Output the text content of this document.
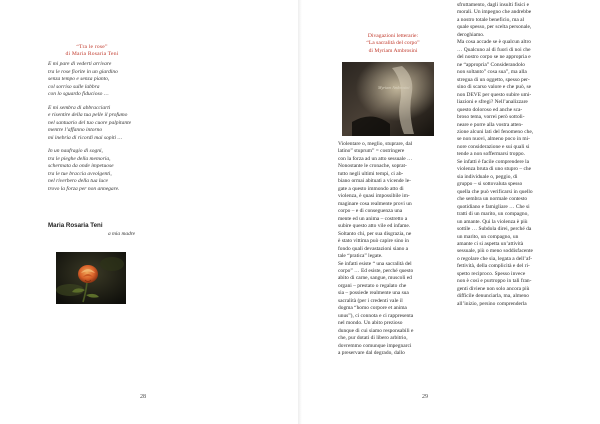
“Tra le rose”
di Maria Rosaria Teni
E mi pare di vederti arrivare
tra le rose fiorite in un giardino
senza tempo e senza pianto,
col sorriso sulle labbra
con lo sguardo fiducioso …
E mi sembra di abbracciarti
e risentire della tua pelle il profumo
nel santuario del tuo cuore palpitante
mentre l’affanno intorno
mi inebria di ricordi mai sopiti …
In un naufragio di sogni,
tra le pieghe della memoria,
schermata da onde impetuose
tra le tue braccia avvolgenti,
nel riverbero della tua luce
trovo la forza per non annegare.
Maria Rosaria Teni
a mia madre
28
Divagazioni letterarie:
“La sacralità del corpo”
di Myriam Ambrosini
Myriam Ambrosini
Violentare o, meglio, stuprare, dal
latino” stuprum” = costringere
con la forza ad un atto sessuale …
Nonostante le cronache, soprat-
tutto negli ultimi tempi, ci ab-
biano ormai abituati a vicende le-
gate a questo immondo atto di
violenza, è quasi impossibile im-
maginare cosa realmente provi un
corpo – e di conseguenza una
mente ed un anima – costretto a
subire questo atto vile ed infame.
Soltanto chi, per sua disgrazia, ne
è stato vittima può capire sino in
fondo quali devastazioni siano a
tale “pratica” legate.
Se infatti esiste “ una sacralità del
corpo” … Ed esiste, perché questo
abito di carne, sangue, muscoli ed
organi – prestato o regalato che
sia – possiede realmente una sua
sacralità (per i credenti vale il
dogma “homo corpore et anima
unus”), ci connota e ci rappresenta
nel mondo. Un abito prezioso
dunque di cui siamo responsabili e
che, pur dotati di libero arbitrio,
dovremmo comunque impegnarci
a preservare dal degrado, dallo
sfruttamento, dagli insulti fisici e
morali. Un impegno che andrebbe
a nostro totale beneficio, ma al
quale spesso, per scelta personale,
deroghiamo.
Ma cosa accade se è qualcun altro
… Qualcuno al di fuori di noi che
del nostro corpo se ne appropria e
ne “appropria” Considerandolo
non soltanto” cosa sua”, ma alla
stregua di un oggetto, spesso per-
sino di scarso valore e che può, se
non DEVE per questo subire umi-
liazioni e sfregi? Nell’analizzare
questo doloroso ed anche sca-
broso tema, vorrei però sottoli-
neare e porre alla vostra atten-
zione alcuni lati del fenomeno che,
se non nuovi, almeno poco in mi-
nore considerazione e sui quali si
tende a non soffermarsi troppo.
Se infatti è facile comprendere la
violenza bruta di uno stupro – che
sia individuale o, peggio, di
gruppo – si sottovaluta spesso
quella che può verificarsi in quello
che sembra un normale contesto
quotidiano e famigliare … Che si
tratti di un marito, un compagno,
un amante. Qui la violenza è più
sottile … Subdola direi, perché da
un marito, un compagno, un
amante ci si aspetta un’attività
sessuale, più o meno soddisfacente
o regolare che sia, legata a dell’af-
fettività, della complicità e del ri-
spetto reciproco. Spesso invece
non è così e purtroppo in tali fran-
genti diviene non solo ancora più
difficile denunciarla, ma, almeno
all’inizio, persino comprenderla
29
